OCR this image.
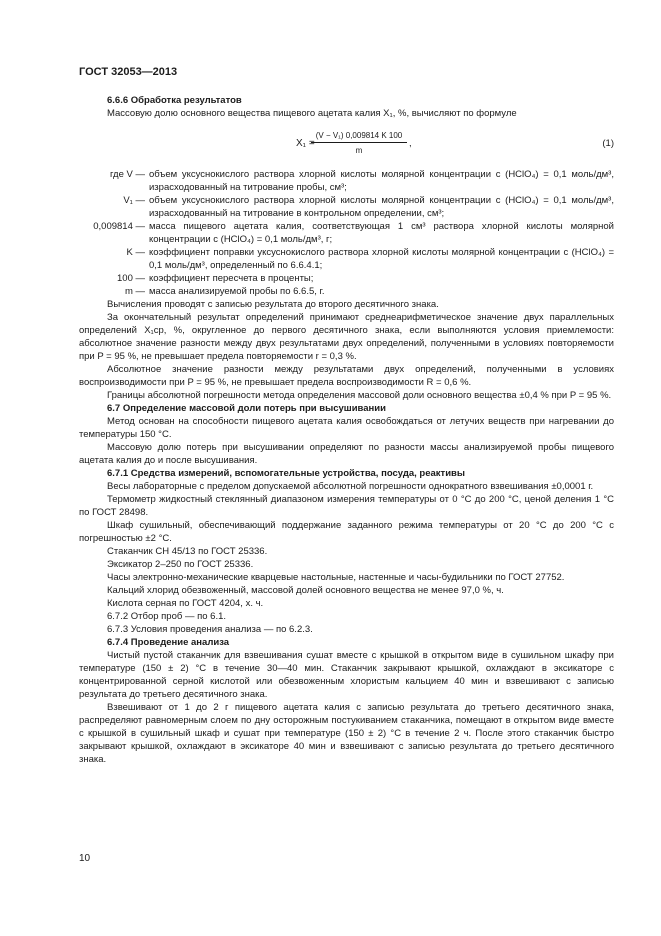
ГОСТ 32053—2013

6.6.6 Обработка результатов

Массовую долю основного вещества пищевого ацетата калия X₁, %, вычисляют по формуле

X₁ =
$\frac{\text{(V − V₁) 0,009814 K 100}}{m}$ ,	(1)
где V — объем уксуснокислого раствора хлорной кислоты молярной концентрации c (HClO₄) = 0,1 моль/дм³, израсходованный на титрование пробы, см³;
V₁ — объем уксуснокислого раствора хлорной кислоты молярной концентрации c (HClO₄) = 0,1 моль/дм³, израсходованный на титрование в контрольном определении, см³;
0,009814 — масса пищевого ацетата калия, соответствующая 1 см³ раствора хлорной кислоты молярной концентрации c (HClO₄) = 0,1 моль/дм³, г;
K — коэффициент поправки уксуснокислого раствора хлорной кислоты молярной концентрации c (HClO₄) = 0,1 моль/дм³, определенный по 6.6.4.1;
100 — коэффициент пересчета в проценты;
m — масса анализируемой пробы по 6.6.5, г.

Вычисления проводят с записью результата до второго десятичного знака.

За окончательный результат определений принимают среднеарифметическое значение двух параллельных определений X₁ср, %, округленное до первого десятичного знака, если выполняются условия приемлемости: абсолютное значение разности между двух результатами двух определений, полученными в условиях повторяемости при P = 95 %, не превышает предела повторяемости r = 0,3 %.

Абсолютное значение разности между результатами двух определений, полученными в условиях воспроизводимости при P = 95 %, не превышает предела воспроизводимости R = 0,6 %.

Границы абсолютной погрешности метода определения массовой доли основного вещества ±0,4 % при P = 95 %.

6.7 Определение массовой доли потерь при высушивании

Метод основан на способности пищевого ацетата калия освобождаться от летучих веществ при нагревании до температуры 150 °С.

Массовую долю потерь при высушивании определяют по разности массы анализируемой пробы пищевого ацетата калия до и после высушивания.

6.7.1 Средства измерений, вспомогательные устройства, посуда, реактивы

Весы лабораторные с пределом допускаемой абсолютной погрешности однократного взвешивания ±0,0001 г.

Термометр жидкостный стеклянный диапазоном измерения температуры от 0 °С до 200 °С, ценой деления 1 °С по ГОСТ 28498.

Шкаф сушильный, обеспечивающий поддержание заданного режима температуры от 20 °С до 200 °С с погрешностью ±2 °С.

Стаканчик СН 45/13 по ГОСТ 25336.

Эксикатор 2–250 по ГОСТ 25336.

Часы электронно-механические кварцевые настольные, настенные и часы-будильники по ГОСТ 27752.

Кальций хлорид обезвоженный, массовой долей основного вещества не менее 97,0 %, ч.

Кислота серная по ГОСТ 4204, х. ч.

6.7.2 Отбор проб — по 6.1.

6.7.3 Условия проведения анализа — по 6.2.3.

6.7.4 Проведение анализа

Чистый пустой стаканчик для взвешивания сушат вместе с крышкой в открытом виде в сушильном шкафу при температуре (150 ± 2) °С в течение 30—40 мин. Стаканчик закрывают крышкой, охлаждают в эксикаторе с концентрированной серной кислотой или обезвоженным хлористым кальцием 40 мин и взвешивают с записью результата до третьего десятичного знака.

Взвешивают от 1 до 2 г пищевого ацетата калия с записью результата до третьего десятичного знака, распределяют равномерным слоем по дну осторожным постукиванием стаканчика, помещают в открытом виде вместе с крышкой в сушильный шкаф и сушат при температуре (150 ± 2) °С в течение 2 ч. После этого стаканчик быстро закрывают крышкой, охлаждают в эксикаторе 40 мин и взвешивают с записью результата до третьего десятичного знака.

10
